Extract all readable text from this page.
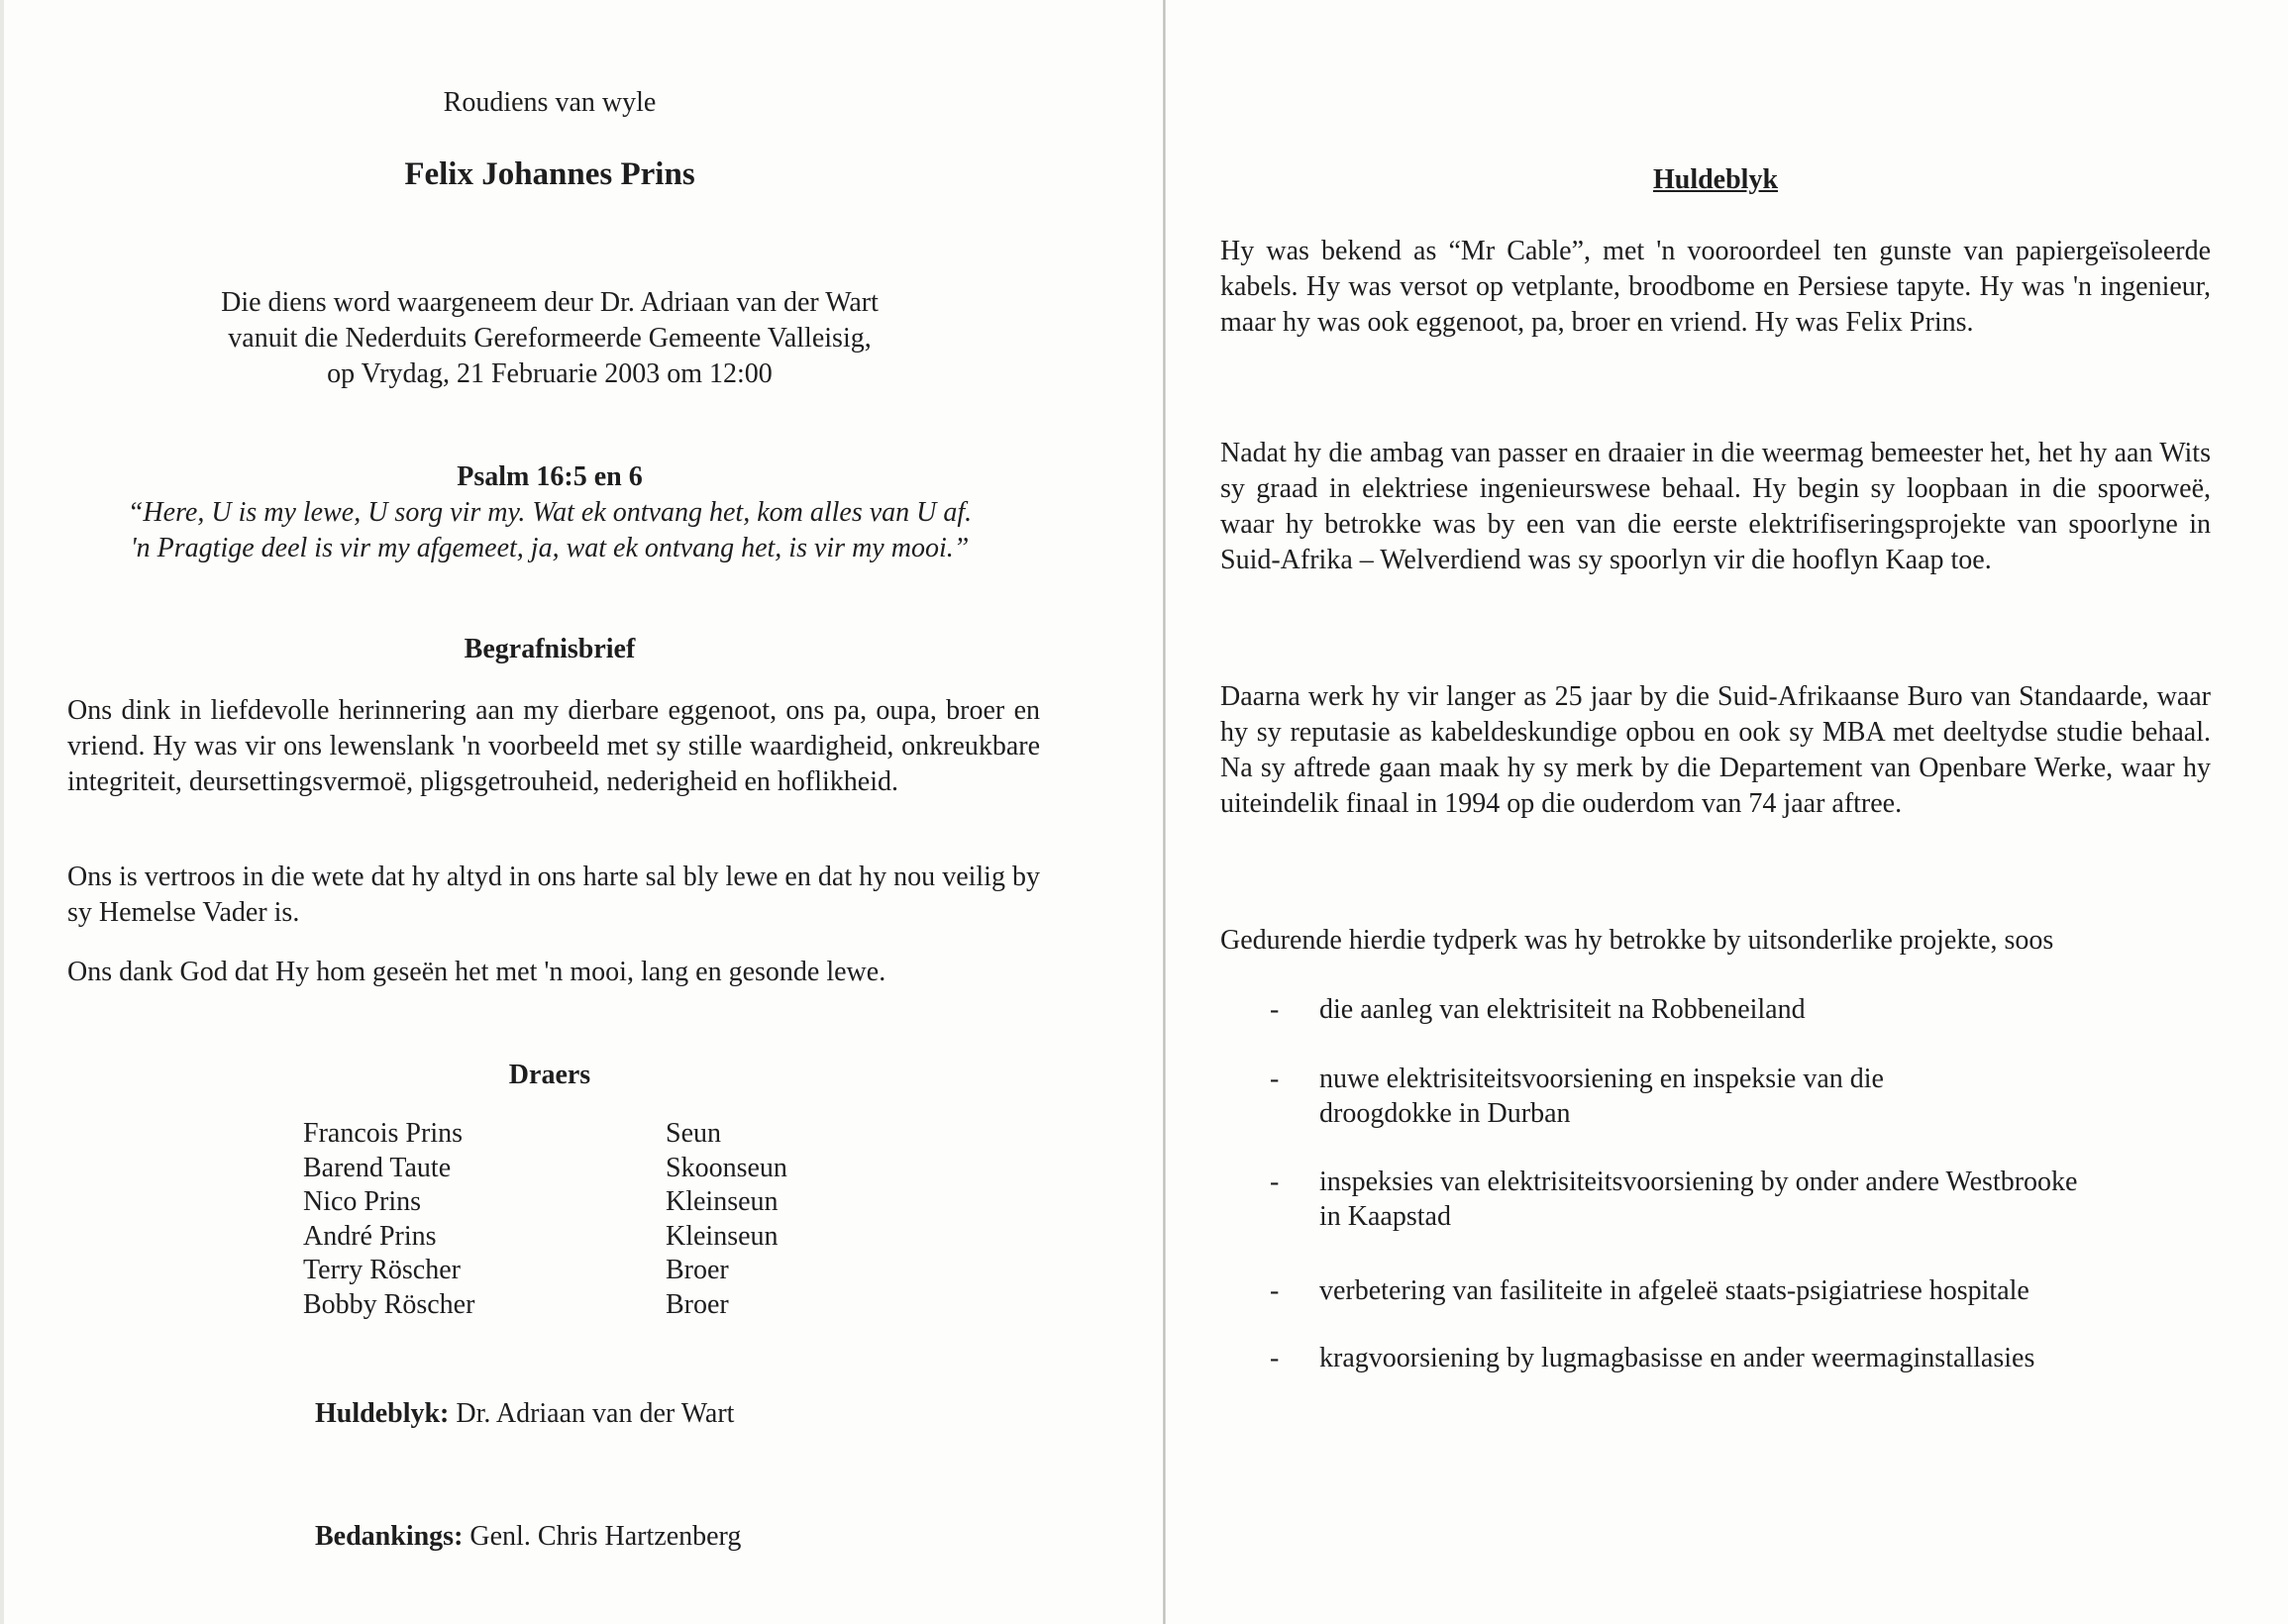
Roudiens van wyle
Felix Johannes Prins
Die diens word waargeneem deur Dr. Adriaan van der Wart
vanuit die Nederduits Gereformeerde Gemeente Valleisig,
op Vrydag, 21 Februarie 2003 om 12:00
Psalm 16:5 en 6
“Here, U is my lewe, U sorg vir my. Wat ek ontvang het, kom alles van U af.
'n Pragtige deel is vir my afgemeet, ja, wat ek ontvang het, is vir my mooi.”
Begrafnisbrief
Ons dink in liefdevolle herinnering aan my dierbare eggenoot, ons pa, oupa, broer en vriend. Hy was vir ons lewenslank 'n voorbeeld met sy stille waardigheid, onkreukbare integriteit, deursettingsvermoë, pligsgetrouheid, nederigheid en hoflikheid.
Ons is vertroos in die wete dat hy altyd in ons harte sal bly lewe en dat hy nou veilig by sy Hemelse Vader is.
Ons dank God dat Hy hom geseën het met 'n mooi, lang en gesonde lewe.
Draers
Francois Prins	Seun
Barend Taute	Skoonseun
Nico Prins	Kleinseun
André Prins	Kleinseun
Terry Röscher	Broer
Bobby Röscher	Broer
Huldeblyk: Dr. Adriaan van der Wart
Bedankings: Genl. Chris Hartzenberg
Huldeblyk
Hy was bekend as “Mr Cable”, met 'n vooroordeel ten gunste van papiergeïsoleerde kabels. Hy was versot op vetplante, broodbome en Persiese tapyte. Hy was 'n ingenieur, maar hy was ook eggenoot, pa, broer en vriend. Hy was Felix Prins.
Nadat hy die ambag van passer en draaier in die weermag bemeester het, het hy aan Wits sy graad in elektriese ingenieurswese behaal. Hy begin sy loopbaan in die spoorweë, waar hy betrokke was by een van die eerste elektrifiseringsprojekte van spoorlyne in Suid-Afrika – Welverdiend was sy spoorlyn vir die hooflyn Kaap toe.
Daarna werk hy vir langer as 25 jaar by die Suid-Afrikaanse Buro van Standaarde, waar hy sy reputasie as kabeldeskundige opbou en ook sy MBA met deeltydse studie behaal. Na sy aftrede gaan maak hy sy merk by die Departement van Openbare Werke, waar hy uiteindelik finaal in 1994 op die ouderdom van 74 jaar aftree.
Gedurende hierdie tydperk was hy betrokke by uitsonderlike projekte, soos
-	die aanleg van elektrisiteit na Robbeneiland
-	nuwe elektrisiteitsvoorsiening en inspeksie van die droogdokke in Durban
-	inspeksies van elektrisiteitsvoorsiening by onder andere Westbrooke in Kaapstad
-	verbetering van fasiliteite in afgeleë staats-psigiatriese hospitale
-	kragvoorsiening by lugmagbasisse en ander weermaginstallasies
